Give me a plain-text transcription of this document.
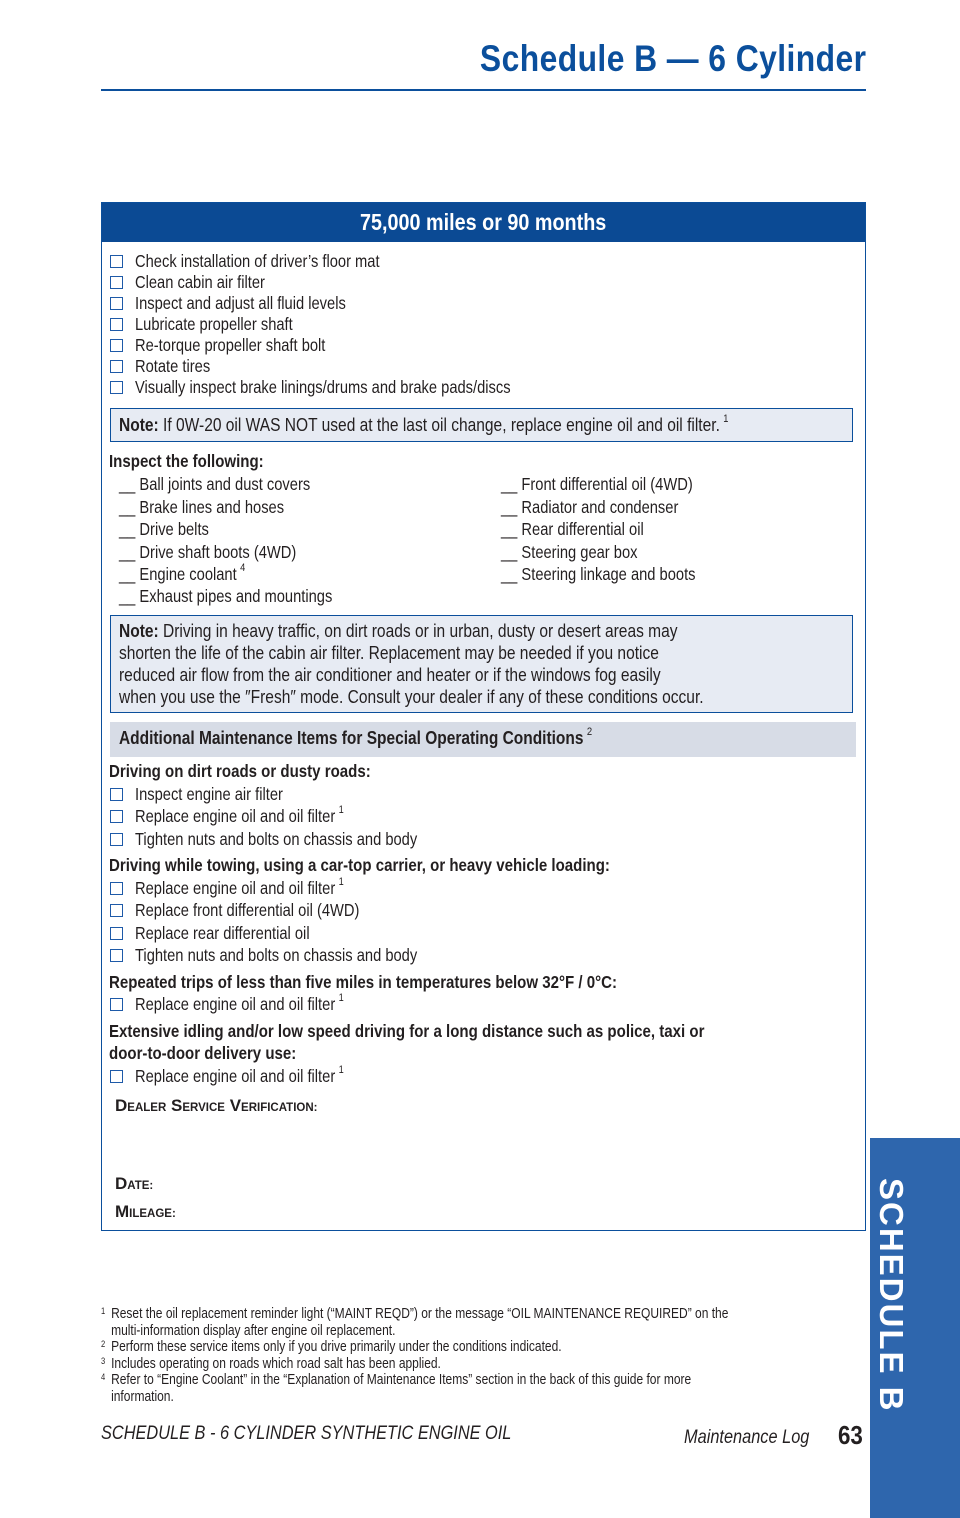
Schedule B — 6 Cylinder
75,000 miles or 90 months
Check installation of driver’s floor mat
Clean cabin air filter
Inspect and adjust all fluid levels
Lubricate propeller shaft
Re-torque propeller shaft bolt
Rotate tires
Visually inspect brake linings/drums and brake pads/discs
Note: If 0W-20 oil WAS NOT used at the last oil change, replace engine oil and oil filter. $^1$
Inspect the following:
__ Ball joints and dust covers
__ Brake lines and hoses
__ Drive belts
__ Drive shaft boots (4WD)
__ Engine coolant $^4$
__ Exhaust pipes and mountings
__ Front differential oil (4WD)
__ Radiator and condenser
__ Rear differential oil
__ Steering gear box
__ Steering linkage and boots
Note: Driving in heavy traffic, on dirt roads or in urban, dusty or desert areas may
shorten the life of the cabin air filter. Replacement may be needed if you notice
reduced air flow from the air conditioner and heater or if the windows fog easily
when you use the ″Fresh″ mode. Consult your dealer if any of these conditions occur.
Additional Maintenance Items for Special Operating Conditions $^2$
Driving on dirt roads or dusty roads:
Inspect engine air filter
Replace engine oil and oil filter $^1$
Tighten nuts and bolts on chassis and body
Driving while towing, using a car-top carrier, or heavy vehicle loading:
Replace engine oil and oil filter $^1$
Replace front differential oil (4WD)
Replace rear differential oil
Tighten nuts and bolts on chassis and body
Repeated trips of less than five miles in temperatures below 32°F / 0°C:
Replace engine oil and oil filter $^1$
Extensive idling and/or low speed driving for a long distance such as police, taxi or
door-to-door delivery use:
Replace engine oil and oil filter $^1$
DEALER SERVICE VERIFICATION:
DATE:
MILEAGE:
1 Reset the oil replacement reminder light (“MAINT REQD”) or the message “OIL MAINTENANCE REQUIRED” on the
multi-information display after engine oil replacement.
2 Perform these service items only if you drive primarily under the conditions indicated.
3 Includes operating on roads which road salt has been applied.
4 Refer to “Engine Coolant” in the “Explanation of Maintenance Items” section in the back of this guide for more
information.
SCHEDULE B - 6 CYLINDER SYNTHETIC ENGINE OIL	Maintenance Log 63
SCHEDULE B
